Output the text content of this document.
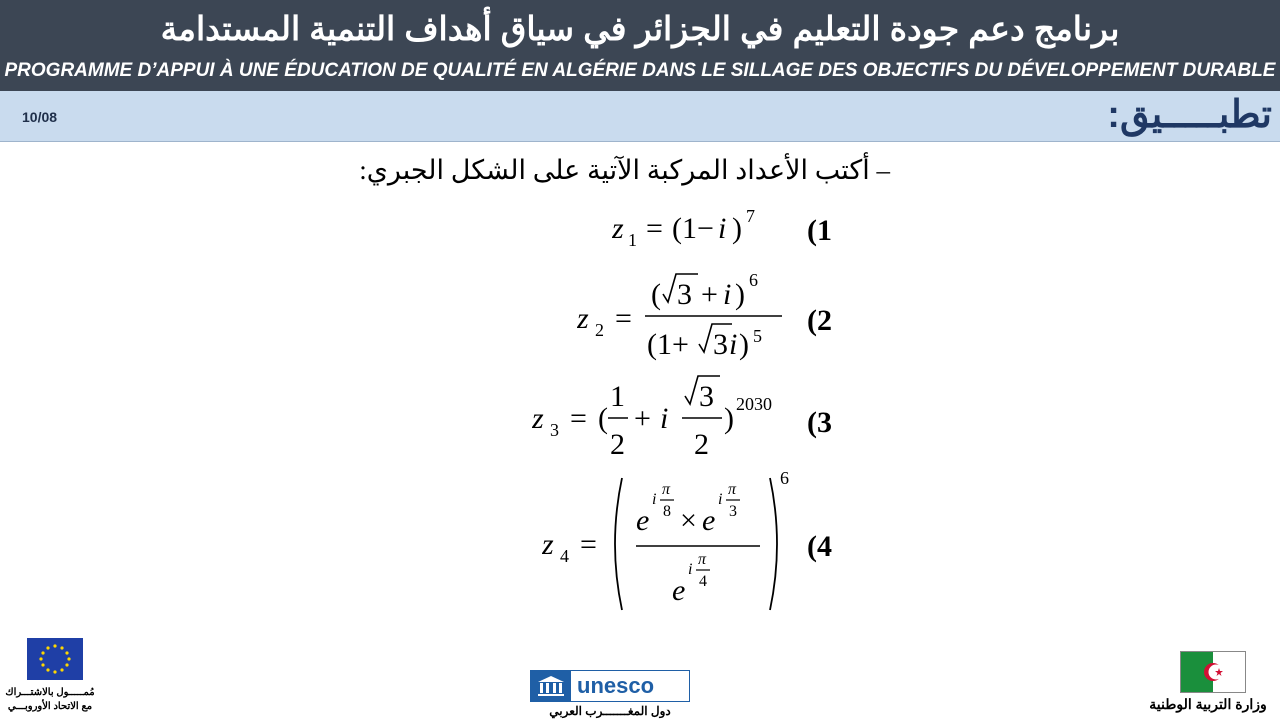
برنامج دعم جودة التعليم في الجزائر في سياق أهداف التنمية المستدامة
PROGRAMME D’APPUI À UNE ÉDUCATION DE QUALITÉ EN ALGÉRIE DANS LE SILLAGE DES OBJECTIFS DU DÉVELOPPEMENT DURABLE
10/08	تطبـــــيق:
– أكتب الأعداد المركبة الآتية على الشكل الجبري:
z 1 = (1− i ) 7 (1
z 2 =
( 3 + i ) 6
(1+ 3 i ) 5 (2
z 3 = (
1
2
+ i
3
2
) 2030
(3
z 4 =
e
i
π
8 × e
i
π
3
e
i
π
4
6
(4
مُمـــــول بالاشتـــراك
مع الاتحاد الأوروبـــي
unesco
دول المغـــــــرب العربي	وزارة التربية الوطنية
